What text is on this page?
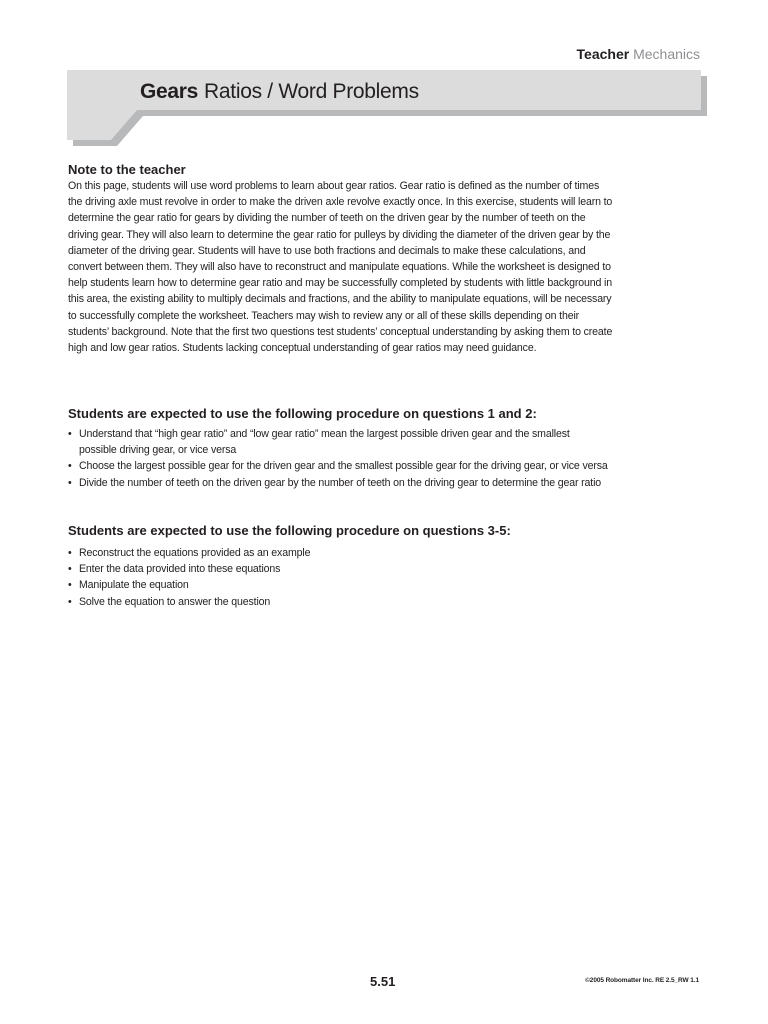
Teacher Mechanics
Gears Ratios / Word Problems

Note to the teacher

On this page, students will use word problems to learn about gear ratios. Gear ratio is defined as the number of times the driving axle must revolve in order to make the driven axle revolve exactly once. In this exercise, students will learn to determine the gear ratio for gears by dividing the number of teeth on the driven gear by the number of teeth on the driving gear. They will also learn to determine the gear ratio for pulleys by dividing the diameter of the driven gear by the diameter of the driving gear. Students will have to use both fractions and decimals to make these calculations, and convert between them. They will also have to reconstruct and manipulate equations. While the worksheet is designed to help students learn how to determine gear ratio and may be successfully completed by students with little background in this area, the existing ability to multiply decimals and fractions, and the ability to manipulate equations, will be necessary to successfully complete the worksheet. Teachers may wish to review any or all of these skills depending on their students’ background. Note that the first two questions test students’ conceptual understanding by asking them to create high and low gear ratios. Students lacking conceptual understanding of gear ratios may need guidance.

Students are expected to use the following procedure on questions 1 and 2:

• Understand that “high gear ratio” and “low gear ratio” mean the largest possible driven gear and the smallest possible driving gear, or vice versa
• Choose the largest possible gear for the driven gear and the smallest possible gear for the driving gear, or vice versa
• Divide the number of teeth on the driven gear by the number of teeth on the driving gear to determine the gear ratio

Students are expected to use the following procedure on questions 3-5:

• Reconstruct the equations provided as an example
• Enter the data provided into these equations
• Manipulate the equation
• Solve the equation to answer the question
5.51	©2005 Robomatter Inc. RE 2.5_RW 1.1
